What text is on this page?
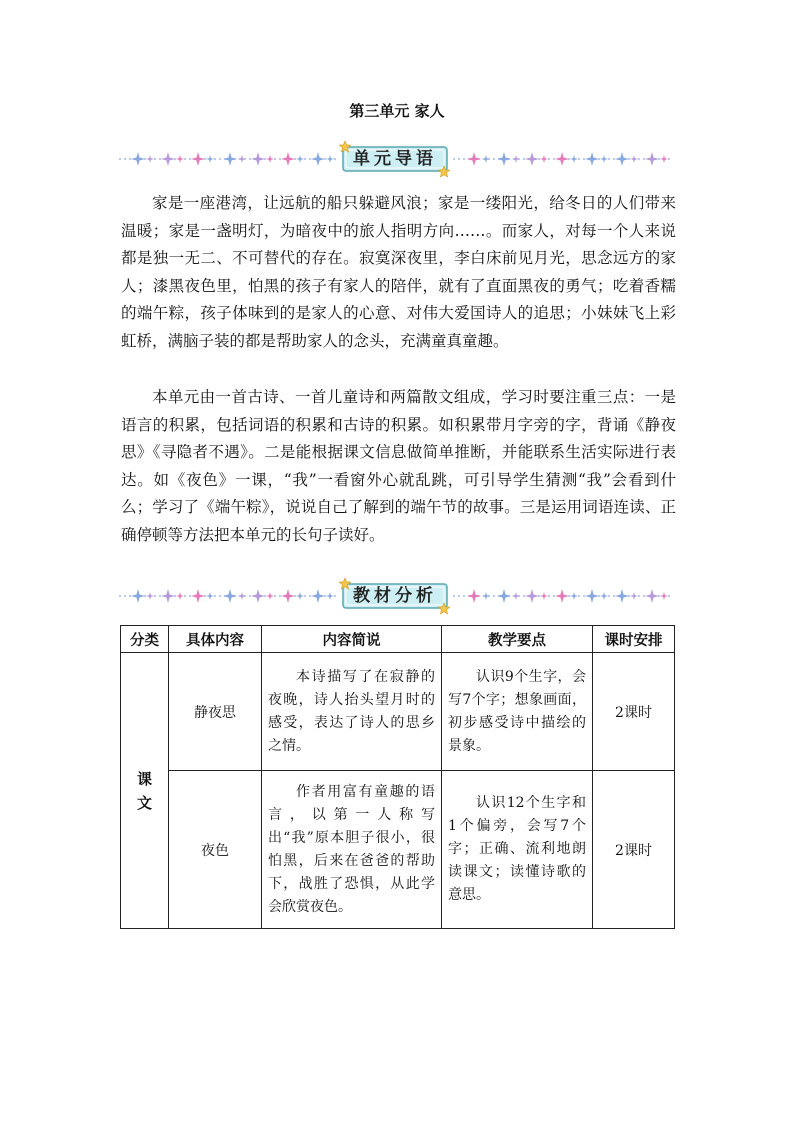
第三单元 家人
单元导语

家是一座港湾，让远航的船只躲避风浪；家是一缕阳光，给冬日的人们带来温暖；家是一盏明灯，为暗夜中的旅人指明方向……。而家人，对每一个人来说都是独一无二、不可替代的存在。寂寞深夜里，李白床前见月光，思念远方的家人；漆黑夜色里，怕黑的孩子有家人的陪伴，就有了直面黑夜的勇气；吃着香糯的端午粽，孩子体味到的是家人的心意、对伟大爱国诗人的追思；小妹妹飞上彩虹桥，满脑子装的都是帮助家人的念头，充满童真童趣。

本单元由一首古诗、一首儿童诗和两篇散文组成，学习时要注重三点：一是语言的积累，包括词语的积累和古诗的积累。如积累带月字旁的字，背诵《静夜思》《寻隐者不遇》。二是能根据课文信息做简单推断，并能联系生活实际进行表达。如《夜色》一课，“我”一看窗外心就乱跳，可引导学生猜测“我”会看到什么；学习了《端午粽》，说说自己了解到的端午节的故事。三是运用词语连读、正确停顿等方法把本单元的长句子读好。

教材分析
分类	具体内容	内容简说	教学要点	课时安排

课文	静夜思	本诗描写了在寂静的夜晚，诗人抬头望月时的感受，表达了诗人的思乡之情。	认识9个生字，会写7个字；想象画面，初步感受诗中描绘的景象。	2课时
	夜色	作者用富有童趣的语言，以第一人称写出“我”原本胆子很小，很怕黑，后来在爸爸的帮助下，战胜了恐惧，从此学会欣赏夜色。	认识12个生字和1个偏旁，会写7个字；正确、流利地朗读课文；读懂诗歌的意思。	2课时
